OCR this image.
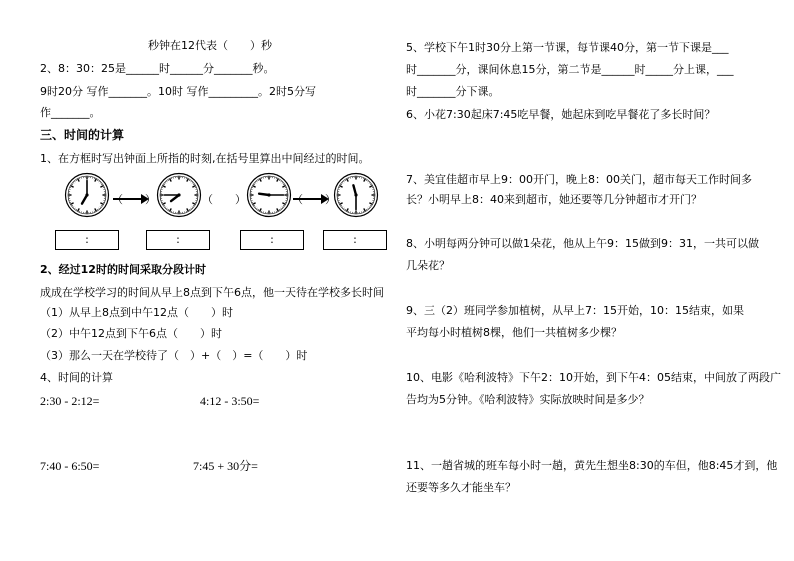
秒钟在12代表（　　）秒
2、8：30：25是______时______分_______秒。
9时20分 写作_______。10时 写作_________。2时5分写
作_______。
三、时间的计算
1、在方框时写出钟面上所指的时刻,在括号里算出中间经过的时间。
（　　）	（　　）	（　　）
:	:	:	:
2、经过12时的时间采取分段计时
成成在学校学习的时间从早上8点到下午6点，他一天待在学校多长时间
（1）从早上8点到中午12点（　　）时
（2）中午12点到下午6点（　　）时
（3）那么一天在学校待了（　）+（　）=（　　）时
4、时间的计算
2:30 - 2:12=	4:12 - 3:50=
7:40 - 6:50=	7:45 + 30分=
5、学校下午1时30分上第一节课，每节课40分，第一节下课是___
时_______分，课间休息15分，第二节是______时_____分上课，___
时_______分下课。
6、小花7:30起床7:45吃早餐，她起床到吃早餐花了多长时间？
7、美宜佳超市早上9：00开门，晚上8：00关门，超市每天工作时间多
长？小明早上8：40来到超市，她还要等几分钟超市才开门？
8、小明每两分钟可以做1朵花，他从上午9：15做到9：31，一共可以做
几朵花？
9、三（2）班同学参加植树，从早上7：15开始，10：15结束，如果
平均每小时植树8棵，他们一共植树多少棵？
10、电影《哈利波特》下午2：10开始，到下午4：05结束，中间放了两段广
告均为5分钟。《哈利波特》实际放映时间是多少？
11、一趟省城的班车每小时一趟，黄先生想坐8:30的车但，他8:45才到，他
还要等多久才能坐车？
